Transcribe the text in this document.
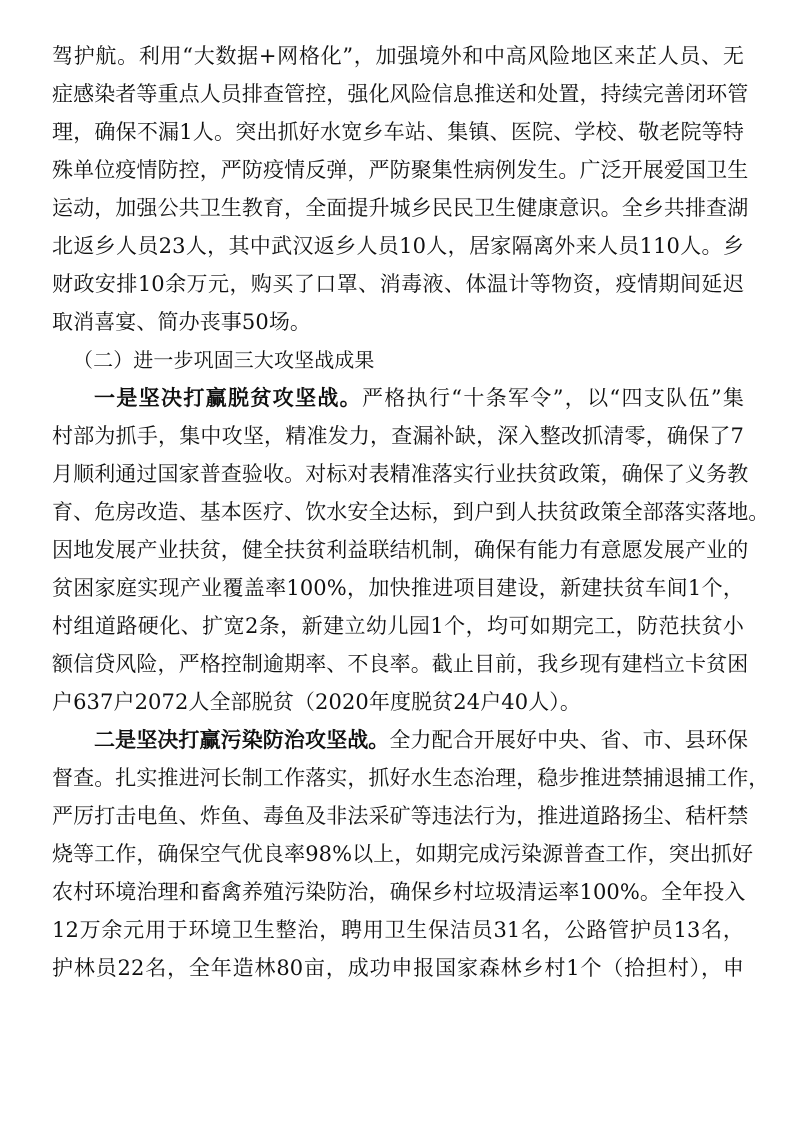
驾护航。利用“大数据+网格化”，加强境外和中高风险地区来芷人员、无
症感染者等重点人员排查管控，强化风险信息推送和处置，持续完善闭环管
理，确保不漏1人。突出抓好水宽乡车站、集镇、医院、学校、敬老院等特
殊单位疫情防控，严防疫情反弹，严防聚集性病例发生。广泛开展爱国卫生
运动，加强公共卫生教育，全面提升城乡民民卫生健康意识。全乡共排查湖
北返乡人员23人，其中武汉返乡人员10人，居家隔离外来人员110人。乡
财政安排10余万元，购买了口罩、消毒液、体温计等物资，疫情期间延迟
取消喜宴、简办丧事50场。
（二）进一步巩固三大攻坚战成果
一是坚决打赢脱贫攻坚战。严格执行“十条军令”，以“四支队伍”集
村部为抓手，集中攻坚，精准发力，查漏补缺，深入整改抓清零，确保了7
月顺利通过国家普查验收。对标对表精准落实行业扶贫政策，确保了义务教
育、危房改造、基本医疗、饮水安全达标，到户到人扶贫政策全部落实落地。
因地发展产业扶贫，健全扶贫利益联结机制，确保有能力有意愿发展产业的
贫困家庭实现产业覆盖率100%，加快推进项目建设，新建扶贫车间1个，
村组道路硬化、扩宽2条，新建立幼儿园1个，均可如期完工，防范扶贫小
额信贷风险，严格控制逾期率、不良率。截止目前，我乡现有建档立卡贫困
户637户2072人全部脱贫（2020年度脱贫24户40人）。
二是坚决打赢污染防治攻坚战。全力配合开展好中央、省、市、县环保
督查。扎实推进河长制工作落实，抓好水生态治理，稳步推进禁捕退捕工作，
严厉打击电鱼、炸鱼、毒鱼及非法采矿等违法行为，推进道路扬尘、秸杆禁
烧等工作，确保空气优良率98%以上，如期完成污染源普查工作，突出抓好
农村环境治理和畜禽养殖污染防治，确保乡村垃圾清运率100%。全年投入
12万余元用于环境卫生整治，聘用卫生保洁员31名，公路管护员13名，
护林员22名，全年造林80亩，成功申报国家森林乡村1个（拾担村），申
